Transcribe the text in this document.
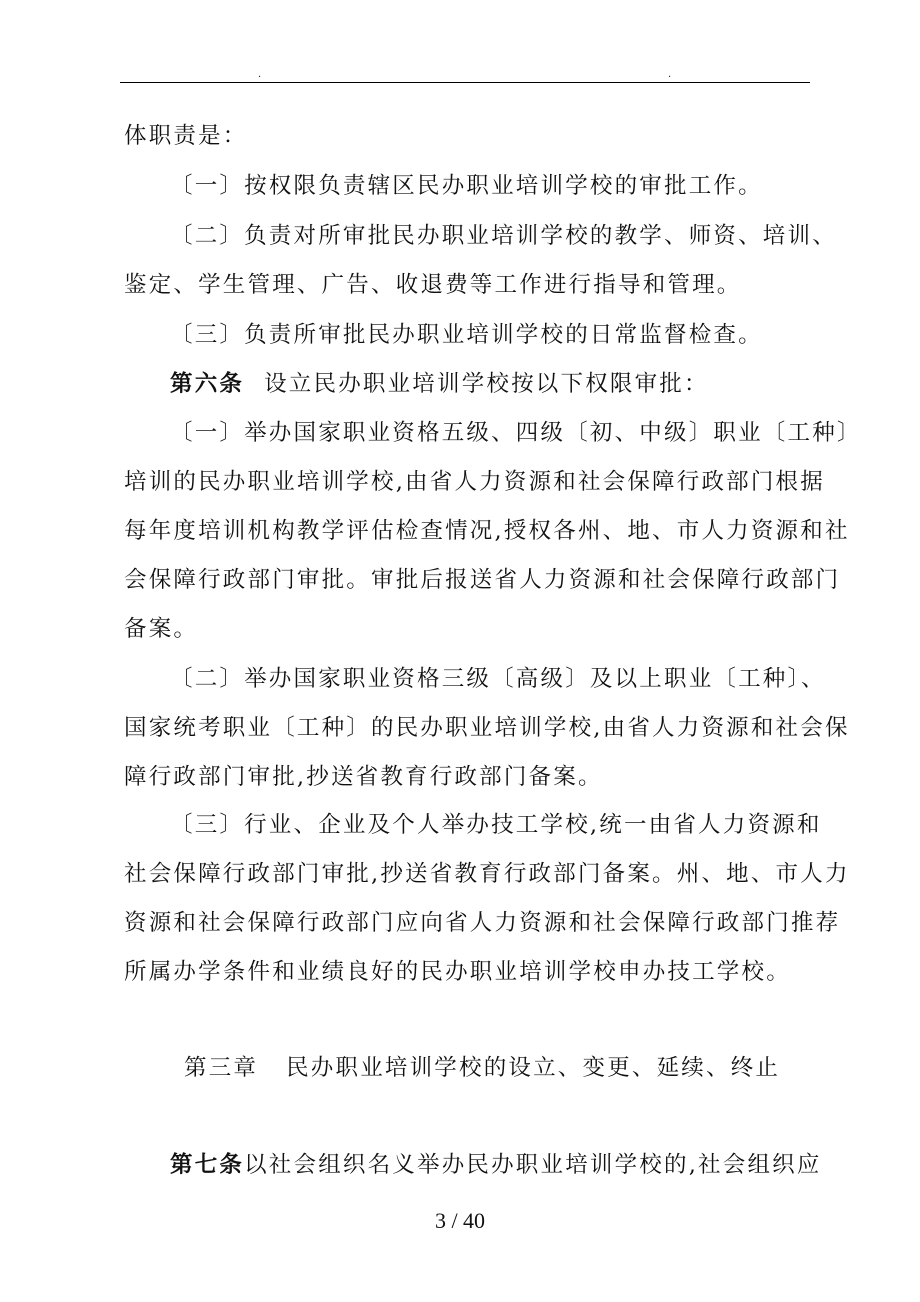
.	.
体职责是：
〔一〕按权限负责辖区民办职业培训学校的审批工作。
〔二〕负责对所审批民办职业培训学校的教学、师资、培训、
鉴定、学生管理、广告、收退费等工作进行指导和管理。
〔三〕负责所审批民办职业培训学校的日常监督检查。
第六条 设立民办职业培训学校按以下权限审批：
〔一〕举办国家职业资格五级、四级〔初、中级〕职业〔工种〕
培训的民办职业培训学校,由省人力资源和社会保障行政部门根据
每年度培训机构教学评估检查情况,授权各州、地、市人力资源和社
会保障行政部门审批。审批后报送省人力资源和社会保障行政部门
备案。
〔二〕举办国家职业资格三级〔高级〕及以上职业〔工种〕、
国家统考职业〔工种〕的民办职业培训学校,由省人力资源和社会保
障行政部门审批,抄送省教育行政部门备案。
〔三〕行业、企业及个人举办技工学校,统一由省人力资源和
社会保障行政部门审批,抄送省教育行政部门备案。州、地、市人力
资源和社会保障行政部门应向省人力资源和社会保障行政部门推荐
所属办学条件和业绩良好的民办职业培训学校申办技工学校。
第三章 民办职业培训学校的设立、变更、延续、终止
第七条以社会组织名义举办民办职业培训学校的,社会组织应
3 / 40
